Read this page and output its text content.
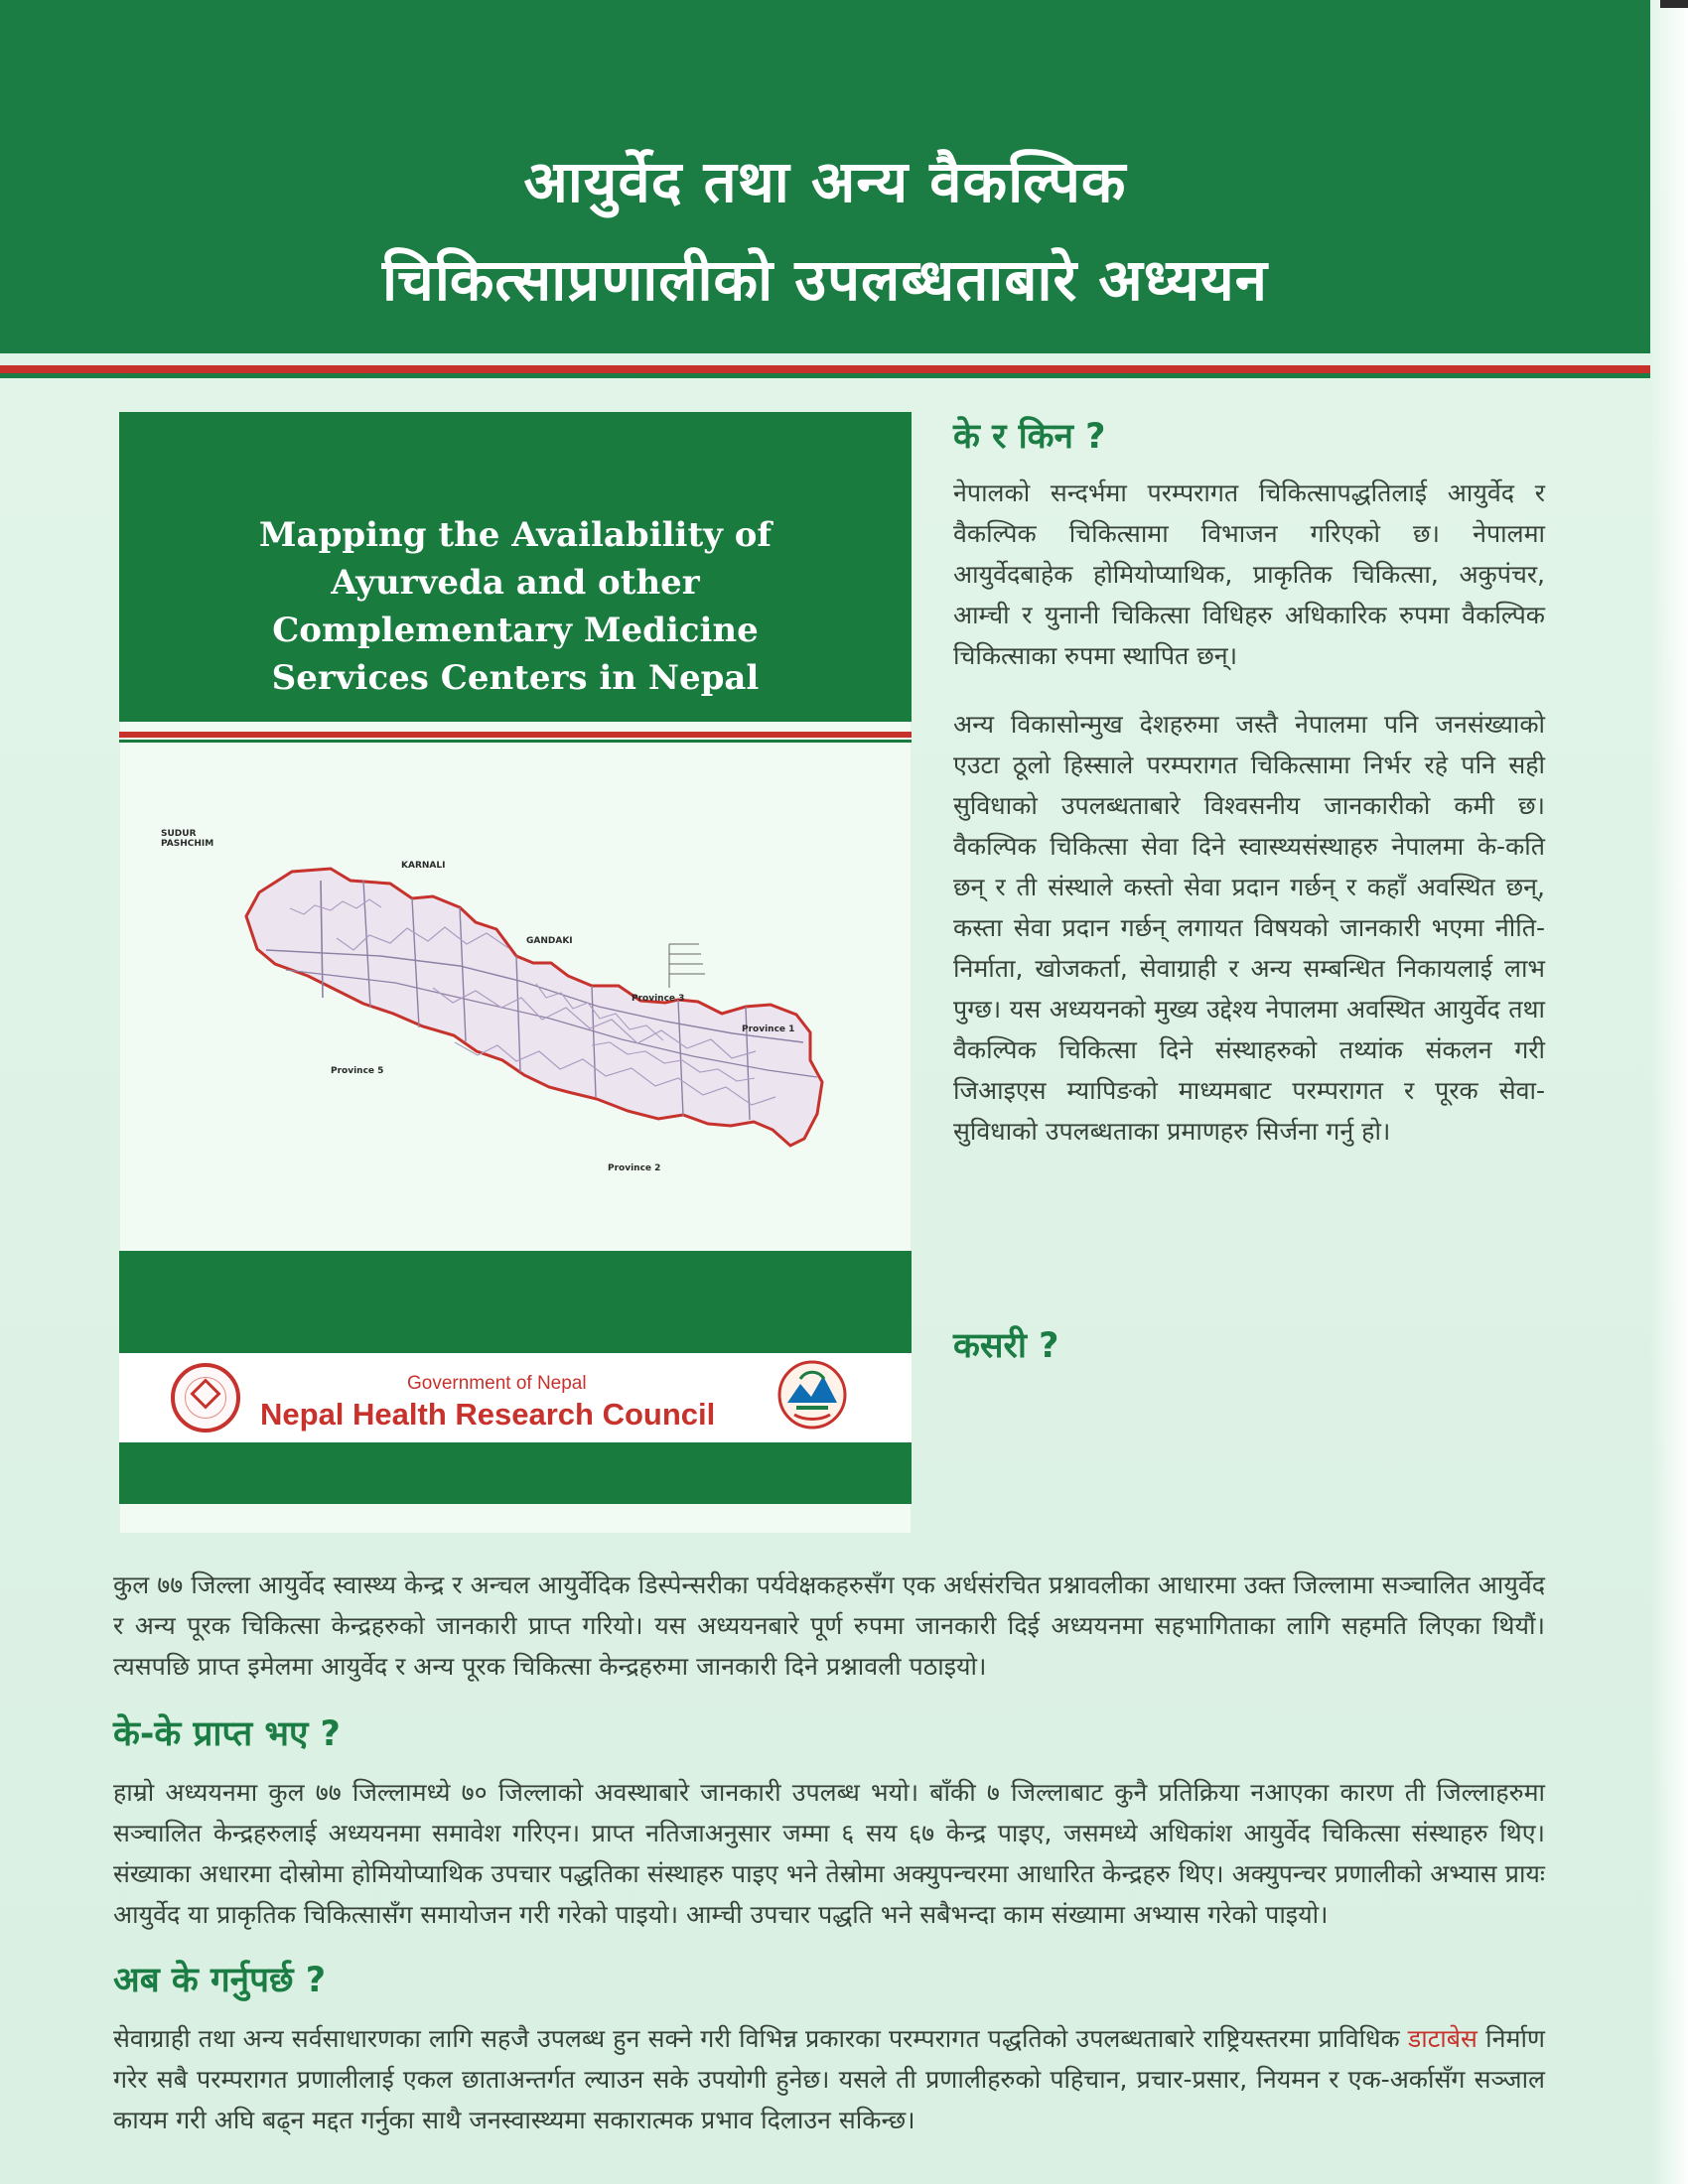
आयुर्वेद तथा अन्य वैकल्पिक
चिकित्साप्रणालीको उपलब्धताबारे अध्ययन
Mapping the Availability of Ayurveda and other Complementary Medicine Services Centers in Nepal
SUDUR PASHCHIM
KARNALI
GANDAKI
Province 3
Province 1
Province 5
Province 2
Government of Nepal
Nepal Health Research Council
के र किन ?

नेपालको सन्दर्भमा परम्परागत चिकित्सापद्धतिलाई आयुर्वेद र वैकल्पिक चिकित्सामा विभाजन गरिएको छ। नेपालमा आयुर्वेदबाहेक होमियोप्याथिक, प्राकृतिक चिकित्सा, अकुपंचर, आम्ची र युनानी चिकित्सा विधिहरु अधिकारिक रुपमा वैकल्पिक चिकित्साका रुपमा स्थापित छन्।

अन्य विकासोन्मुख देशहरुमा जस्तै नेपालमा पनि जनसंख्याको एउटा ठूलो हिस्साले परम्परागत चिकित्सामा निर्भर रहे पनि सही सुविधाको उपलब्धताबारे विश्वसनीय जानकारीको कमी छ। वैकल्पिक चिकित्सा सेवा दिने स्वास्थ्यसंस्थाहरु नेपालमा के-कति छन् र ती संस्थाले कस्तो सेवा प्रदान गर्छन् र कहाँ अवस्थित छन्, कस्ता सेवा प्रदान गर्छन् लगायत विषयको जानकारी भएमा नीति-निर्माता, खोजकर्ता, सेवाग्राही र अन्य सम्बन्धित निकायलाई लाभ पुग्छ। यस अध्ययनको मुख्य उद्देश्य नेपालमा अवस्थित आयुर्वेद तथा वैकल्पिक चिकित्सा दिने संस्थाहरुको तथ्यांक संकलन गरी जिआइएस म्यापिङको माध्यमबाट परम्परागत र पूरक सेवा-सुविधाको उपलब्धताका प्रमाणहरु सिर्जना गर्नु हो।

कसरी ?

कुल ७७ जिल्ला आयुर्वेद स्वास्थ्य केन्द्र र अन्चल आयुर्वेदिक डिस्पेन्सरीका पर्यवेक्षकहरुसँग एक अर्धसंरचित प्रश्नावलीका आधारमा उक्त जिल्लामा सञ्चालित आयुर्वेद र अन्य पूरक चिकित्सा केन्द्रहरुको जानकारी प्राप्त गरियो। यस अध्ययनबारे पूर्ण रुपमा जानकारी दिई अध्ययनमा सहभागिताका लागि सहमति लिएका थियौं। त्यसपछि प्राप्त इमेलमा आयुर्वेद र अन्य पूरक चिकित्सा केन्द्रहरुमा जानकारी दिने प्रश्नावली पठाइयो।

के-के प्राप्त भए ?

हाम्रो अध्ययनमा कुल ७७ जिल्लामध्ये ७० जिल्लाको अवस्थाबारे जानकारी उपलब्ध भयो। बाँकी ७ जिल्लाबाट कुनै प्रतिक्रिया नआएका कारण ती जिल्लाहरुमा सञ्चालित केन्द्रहरुलाई अध्ययनमा समावेश गरिएन। प्राप्त नतिजाअनुसार जम्मा ६ सय ६७ केन्द्र पाइए, जसमध्ये अधिकांश आयुर्वेद चिकित्सा संस्थाहरु थिए। संख्याका अधारमा दोस्रोमा होमियोप्याथिक उपचार पद्धतिका संस्थाहरु पाइए भने तेस्रोमा अक्युपन्चरमा आधारित केन्द्रहरु थिए। अक्युपन्चर प्रणालीको अभ्यास प्रायः आयुर्वेद या प्राकृतिक चिकित्सासँग समायोजन गरी गरेको पाइयो। आम्ची उपचार पद्धति भने सबैभन्दा काम संख्यामा अभ्यास गरेको पाइयो।

अब के गर्नुपर्छ ?

सेवाग्राही तथा अन्य सर्वसाधारणका लागि सहजै उपलब्ध हुन सक्ने गरी विभिन्न प्रकारका परम्परागत पद्धतिको उपलब्धताबारे राष्ट्रियस्तरमा प्राविधिक डाटाबेस निर्माण गरेर सबै परम्परागत प्रणालीलाई एकल छाताअन्तर्गत ल्याउन सके उपयोगी हुनेछ। यसले ती प्रणालीहरुको पहिचान, प्रचार-प्रसार, नियमन र एक-अर्कासँग सञ्जाल कायम गरी अघि बढ्न मद्दत गर्नुका साथै जनस्वास्थ्यमा सकारात्मक प्रभाव दिलाउन सकिन्छ।
